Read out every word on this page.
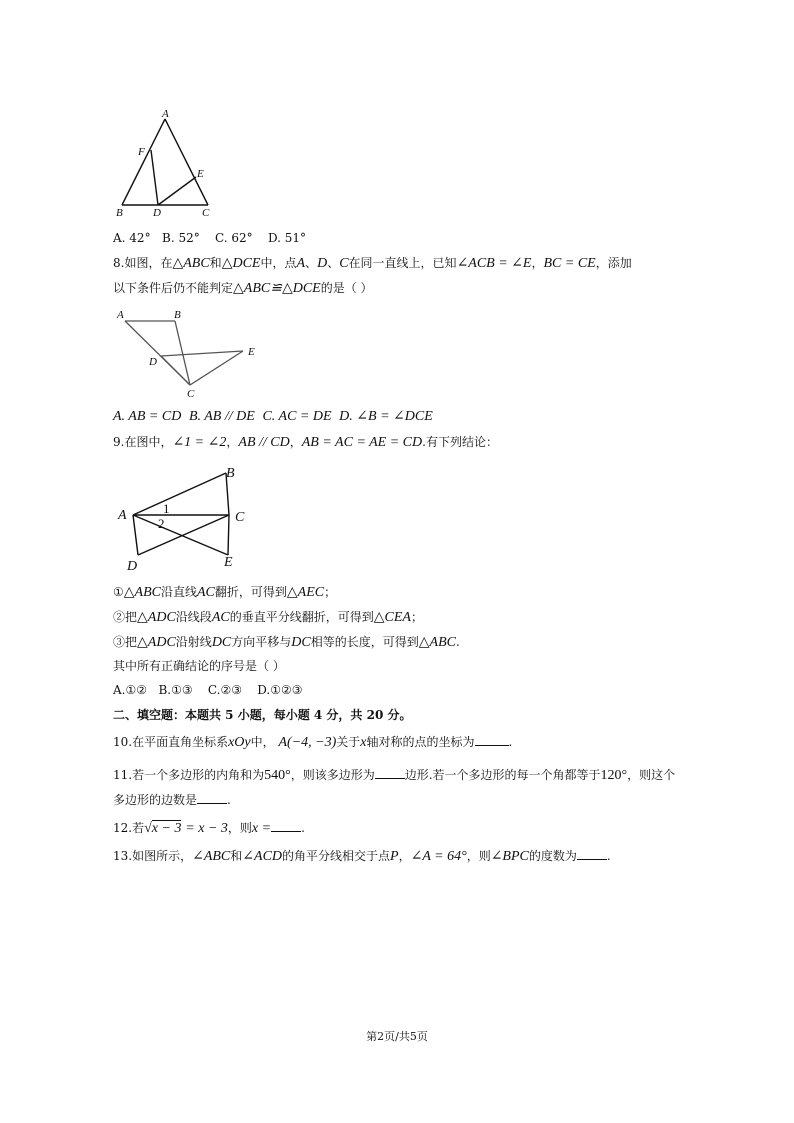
A
F
E
B	D	C
A. 42° B. 52° C. 62° D. 51°
8.如图，在△ABC和△DCE中，点A、D、C在同一直线上，已知∠ACB = ∠E，BC = CE，添加
以下条件后仍不能判定△ABC≌△DCE的是（ ）
A	B
D
E
C
A. AB = CD B. AB // DE C. AC = DE D. ∠B = ∠DCE
9.在图中，∠1 = ∠2，AB // CD，AB = AC = AE = CD.有下列结论：
B
A	C
1
2
E
D
①△ABC沿直线AC翻折，可得到△AEC；
②把△ADC沿线段AC的垂直平分线翻折，可得到△CEA；
③把△ADC沿射线DC方向平移与DC相等的长度，可得到△ABC.
其中所有正确结论的序号是（ ）
A.①② B.①③ C.②③ D.①②③
二、填空题：本题共 5 小题，每小题 4 分，共 20 分。
10.在平面直角坐标系xOy中， A(−4, −3)关于x轴对称的点的坐标为	.
11.若一个多边形的内角和为540°，则该多边形为	边形.若一个多边形的每一个角都等于120°，则这个
多边形的边数是	.
12.若√x − 3 = x − 3，则x =	.
13.如图所示，∠ABC和∠ACD的角平分线相交于点P，∠A = 64°，则∠BPC的度数为	.
第2页/共5页
